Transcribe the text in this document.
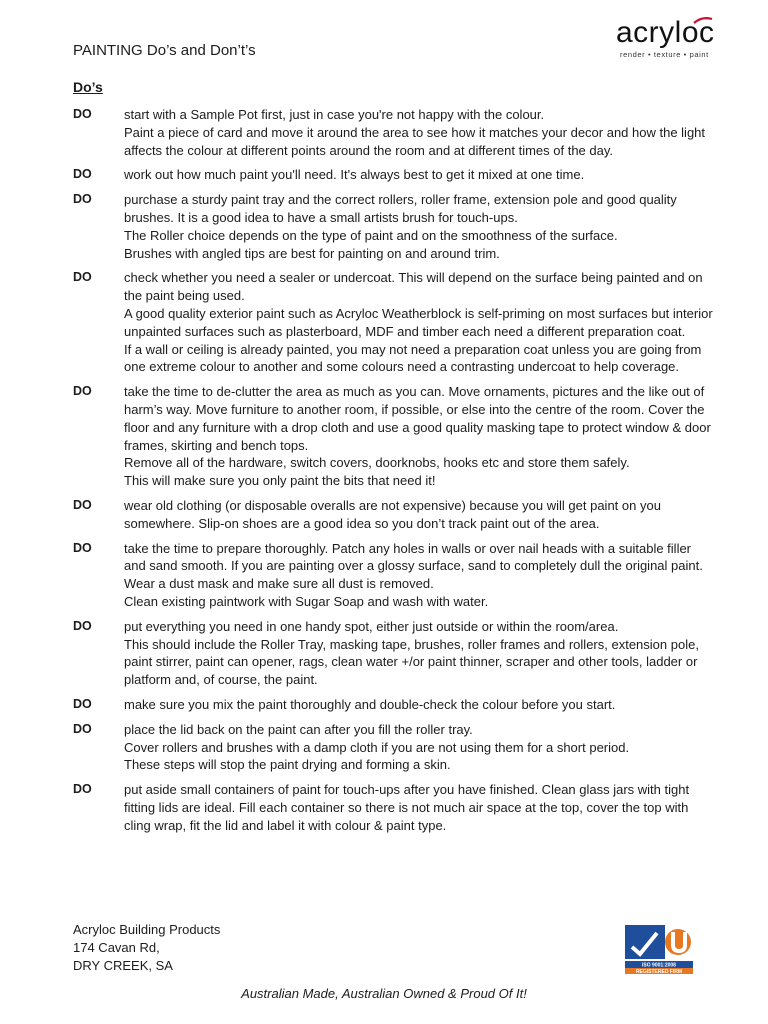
PAINTING Do’s and Don’t’s
acryloc
render • texture • paint
Do’s
DO	start with a Sample Pot first, just in case you're not happy with the colour.
Paint a piece of card and move it around the area to see how it matches your decor and how the light affects the colour at different points around the room and at different times of the day.
DO	work out how much paint you'll need. It's always best to get it mixed at one time.
DO	purchase a sturdy paint tray and the correct rollers, roller frame, extension pole and good quality brushes. It is a good idea to have a small artists brush for touch-ups.
The Roller choice depends on the type of paint and on the smoothness of the surface.
Brushes with angled tips are best for painting on and around trim.
DO	check whether you need a sealer or undercoat. This will depend on the surface being painted and on the paint being used.
A good quality exterior paint such as Acryloc Weatherblock is self-priming on most surfaces but interior unpainted surfaces such as plasterboard, MDF and timber each need a different preparation coat.
If a wall or ceiling is already painted, you may not need a preparation coat unless you are going from one extreme colour to another and some colours need a contrasting undercoat to help coverage.
DO	take the time to de-clutter the area as much as you can. Move ornaments, pictures and the like out of harm’s way. Move furniture to another room, if possible, or else into the centre of the room. Cover the floor and any furniture with a drop cloth and use a good quality masking tape to protect window & door frames, skirting and bench tops.
Remove all of the hardware, switch covers, doorknobs, hooks etc and store them safely.
This will make sure you only paint the bits that need it!
DO	wear old clothing (or disposable overalls are not expensive) because you will get paint on you somewhere. Slip-on shoes are a good idea so you don’t track paint out of the area.
DO	take the time to prepare thoroughly. Patch any holes in walls or over nail heads with a suitable filler and sand smooth. If you are painting over a glossy surface, sand to completely dull the original paint. Wear a dust mask and make sure all dust is removed.
Clean existing paintwork with Sugar Soap and wash with water.
DO	put everything you need in one handy spot, either just outside or within the room/area.
This should include the Roller Tray, masking tape, brushes, roller frames and rollers, extension pole, paint stirrer, paint can opener, rags, clean water +/or paint thinner, scraper and other tools, ladder or platform and, of course, the paint.
DO	make sure you mix the paint thoroughly and double-check the colour before you start.
DO	place the lid back on the paint can after you fill the roller tray.
Cover rollers and brushes with a damp cloth if you are not using them for a short period.
These steps will stop the paint drying and forming a skin.
DO	put aside small containers of paint for touch-ups after you have finished. Clean glass jars with tight fitting lids are ideal. Fill each container so there is not much air space at the top, cover the top with cling wrap, fit the lid and label it with colour & paint type.
Acryloc Building Products
174 Cavan Rd,
DRY CREEK, SA	ISO 9001:2008
REGISTERED FIRM
Australian Made, Australian Owned & Proud Of It!
